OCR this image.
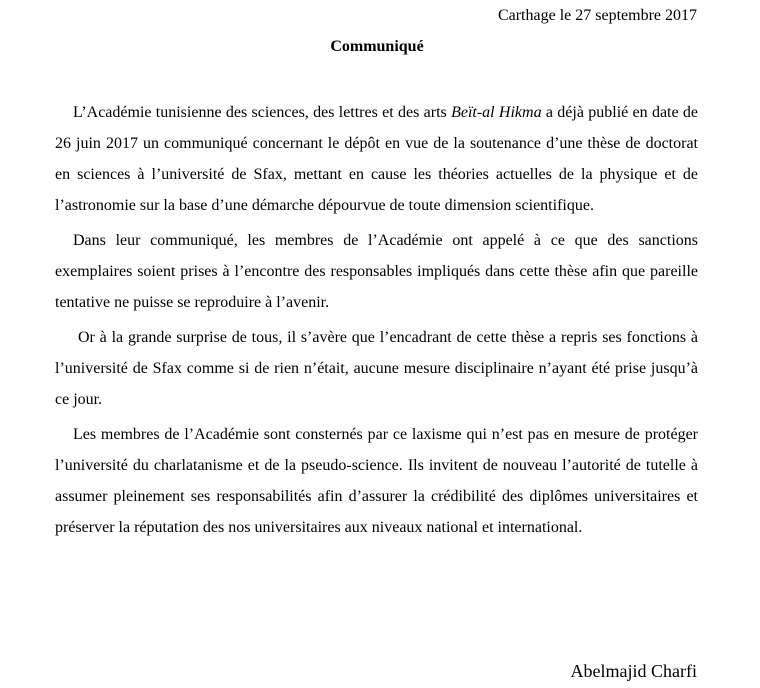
Carthage le 27 septembre 2017
Communiqué

L’Académie tunisienne des sciences, des lettres et des arts Beït-al Hikma a déjà publié en date de 26 juin 2017 un communiqué concernant le dépôt en vue de la soutenance d’une thèse de doctorat en sciences à l’université de Sfax, mettant en cause les théories actuelles de la physique et de l’astronomie sur la base d’une démarche dépourvue de toute dimension scientifique.

Dans leur communiqué, les membres de l’Académie ont appelé à ce que des sanctions exemplaires soient prises à l’encontre des responsables impliqués dans cette thèse afin que pareille tentative ne puisse se reproduire à l’avenir.

Or à la grande surprise de tous, il s’avère que l’encadrant de cette thèse a repris ses fonctions à l’université de Sfax comme si de rien n’était, aucune mesure disciplinaire n’ayant été prise jusqu’à ce jour.

Les membres de l’Académie sont consternés par ce laxisme qui n’est pas en mesure de protéger l’université du charlatanisme et de la pseudo-science. Ils invitent de nouveau l’autorité de tutelle à assumer pleinement ses responsabilités afin d’assurer la crédibilité des diplômes universitaires et préserver la réputation des nos universitaires aux niveaux national et international.

Abelmajid Charfi
